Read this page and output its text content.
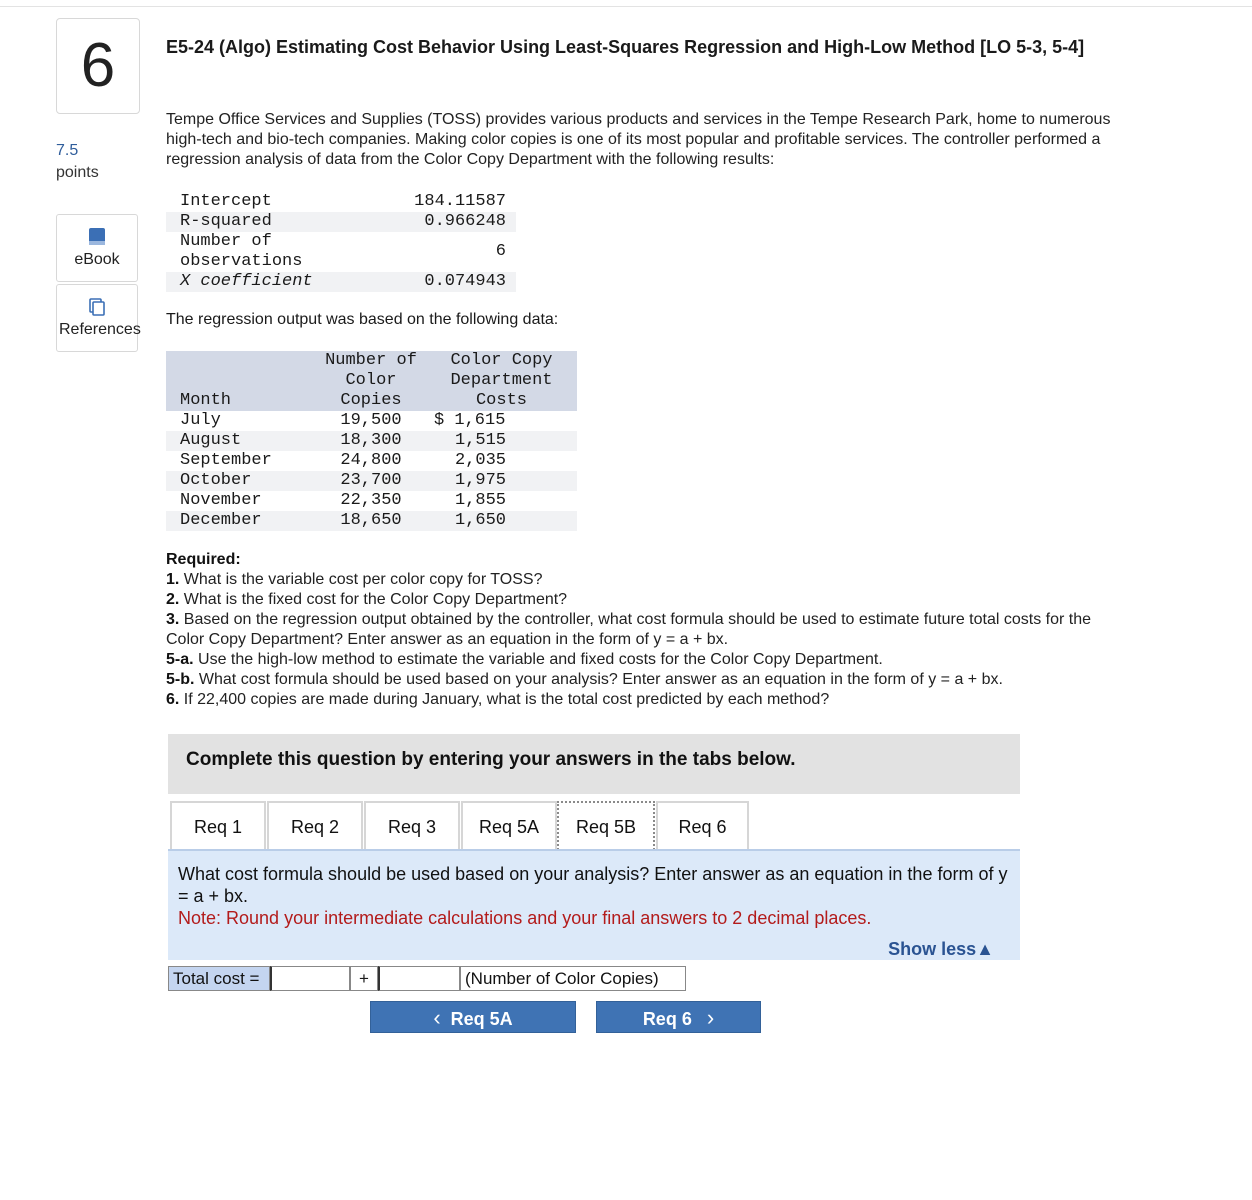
6
7.5
points
eBook
References
E5-24 (Algo) Estimating Cost Behavior Using Least-Squares Regression and High-Low Method [LO 5-3, 5-4]
Tempe Office Services and Supplies (TOSS) provides various products and services in the Tempe Research Park, home to numerous high-tech and bio-tech companies. Making color copies is one of its most popular and profitable services. The controller performed a regression analysis of data from the Color Copy Department with the following results:
Intercept	184.11587
R-squared	0.966248
Number of observations	6
X coefficient	0.074943
The regression output was based on the following data:
Month	Number of Color Copies	Color Copy Department Costs
July	19,500	$ 1,615
August	18,300	1,515
September	24,800	2,035
October	23,700	1,975
November	22,350	1,855
December	18,650	1,650
Required:
1. What is the variable cost per color copy for TOSS?
2. What is the fixed cost for the Color Copy Department?
3. Based on the regression output obtained by the controller, what cost formula should be used to estimate future total costs for the Color Copy Department? Enter answer as an equation in the form of y = a + bx.
5-a. Use the high-low method to estimate the variable and fixed costs for the Color Copy Department.
5-b. What cost formula should be used based on your analysis? Enter answer as an equation in the form of y = a + bx.
6. If 22,400 copies are made during January, what is the total cost predicted by each method?
Complete this question by entering your answers in the tabs below.
Req 1	Req 2	Req 3	Req 5A	Req 5B	Req 6
What cost formula should be used based on your analysis? Enter answer as an equation in the form of y = a + bx.
Note: Round your intermediate calculations and your final answers to 2 decimal places.
Show less▲
Total cost =	+	(Number of Color Copies)
‹ Req 5A	Req 6 ›
